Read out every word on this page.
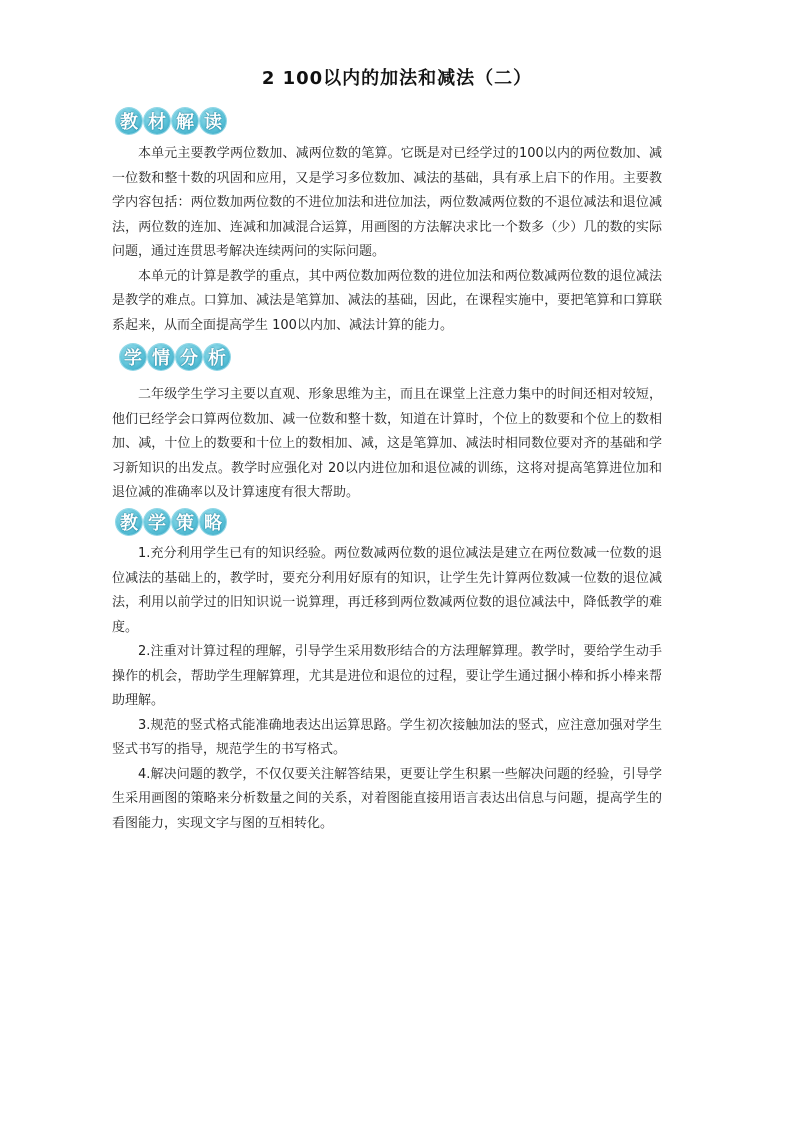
2 100以内的加法和减法（二）
教 材 解 读

本单元主要教学两位数加、减两位数的笔算。它既是对已经学过的100以内的两位数加、减一位数和整十数的巩固和应用，又是学习多位数加、减法的基础，具有承上启下的作用。主要教学内容包括：两位数加两位数的不进位加法和进位加法，两位数减两位数的不退位减法和退位减法，两位数的连加、连减和加减混合运算，用画图的方法解决求比一个数多（少）几的数的实际问题，通过连贯思考解决连续两问的实际问题。

本单元的计算是教学的重点，其中两位数加两位数的进位加法和两位数减两位数的退位减法是教学的难点。口算加、减法是笔算加、减法的基础，因此，在课程实施中，要把笔算和口算联系起来，从而全面提高学生 100以内加、减法计算的能力。

学 情 分 析

二年级学生学习主要以直观、形象思维为主，而且在课堂上注意力集中的时间还相对较短，他们已经学会口算两位数加、减一位数和整十数，知道在计算时，个位上的数要和个位上的数相加、减，十位上的数要和十位上的数相加、减，这是笔算加、减法时相同数位要对齐的基础和学习新知识的出发点。教学时应强化对 20以内进位加和退位减的训练，这将对提高笔算进位加和退位减的准确率以及计算速度有很大帮助。

教 学 策 略

1.充分利用学生已有的知识经验。两位数减两位数的退位减法是建立在两位数减一位数的退位减法的基础上的，教学时，要充分利用好原有的知识，让学生先计算两位数减一位数的退位减法，利用以前学过的旧知识说一说算理，再迁移到两位数减两位数的退位减法中，降低教学的难度。

2.注重对计算过程的理解，引导学生采用数形结合的方法理解算理。教学时，要给学生动手操作的机会，帮助学生理解算理，尤其是进位和退位的过程，要让学生通过捆小棒和拆小棒来帮助理解。

3.规范的竖式格式能准确地表达出运算思路。学生初次接触加法的竖式，应注意加强对学生竖式书写的指导，规范学生的书写格式。

4.解决问题的教学，不仅仅要关注解答结果，更要让学生积累一些解决问题的经验，引导学生采用画图的策略来分析数量之间的关系，对着图能直接用语言表达出信息与问题，提高学生的看图能力，实现文字与图的互相转化。
